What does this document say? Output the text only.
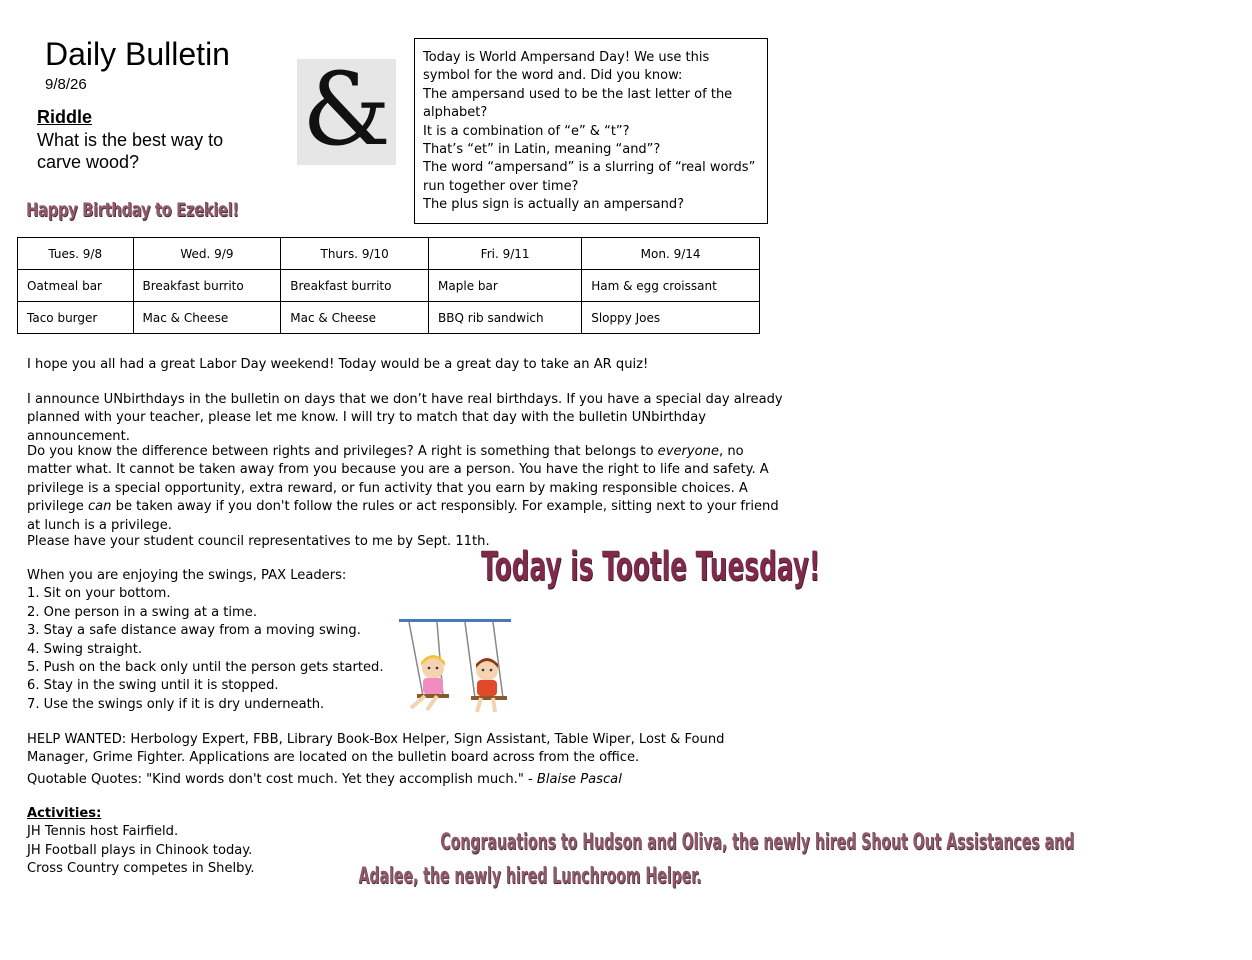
Daily Bulletin
9/8/26
Riddle
What is the best way to carve wood?	& Today is World Ampersand Day! We use this symbol for the word and. Did you know:
The ampersand used to be the last letter of the alphabet?
It is a combination of “e” & “t”?
That’s “et” in Latin, meaning “and”?
The word “ampersand” is a slurring of “real words” run together over time?
The plus sign is actually an ampersand?
Happy Birthday to Ezekiel!
Tues. 9/8	Wed. 9/9	Thurs. 9/10	Fri. 9/11	Mon. 9/14
Oatmeal bar	Breakfast burrito	Breakfast burrito	Maple bar	Ham & egg croissant
Taco burger	Mac & Cheese	Mac & Cheese	BBQ rib sandwich	Sloppy Joes
I hope you all had a great Labor Day weekend! Today would be a great day to take an AR quiz!
I announce UNbirthdays in the bulletin on days that we don’t have real birthdays. If you have a special day already planned with your teacher, please let me know. I will try to match that day with the bulletin UNbirthday announcement.
Do you know the difference between rights and privileges? A right is something that belongs to everyone, no matter what. It cannot be taken away from you because you are a person. You have the right to life and safety. A privilege is a special opportunity, extra reward, or fun activity that you earn by making responsible choices. A privilege can be taken away if you don't follow the rules or act responsibly. For example, sitting next to your friend at lunch is a privilege.
Please have your student council representatives to me by Sept. 11th.
Today is Tootle Tuesday!
When you are enjoying the swings, PAX Leaders:
1. Sit on your bottom.
2. One person in a swing at a time.
3. Stay a safe distance away from a moving swing.
4. Swing straight.
5. Push on the back only until the person gets started.
6. Stay in the swing until it is stopped.
7. Use the swings only if it is dry underneath.
HELP WANTED: Herbology Expert, FBB, Library Book-Box Helper, Sign Assistant, Table Wiper, Lost & Found Manager, Grime Fighter. Applications are located on the bulletin board across from the office.
Quotable Quotes: "Kind words don't cost much. Yet they accomplish much." - Blaise Pascal
Activities:
JH Tennis host Fairfield.
JH Football plays in Chinook today.
Cross Country competes in Shelby.
Congrauations to Hudson and Oliva, the newly hired Shout Out Assistances and
Adalee, the newly hired Lunchroom Helper.
